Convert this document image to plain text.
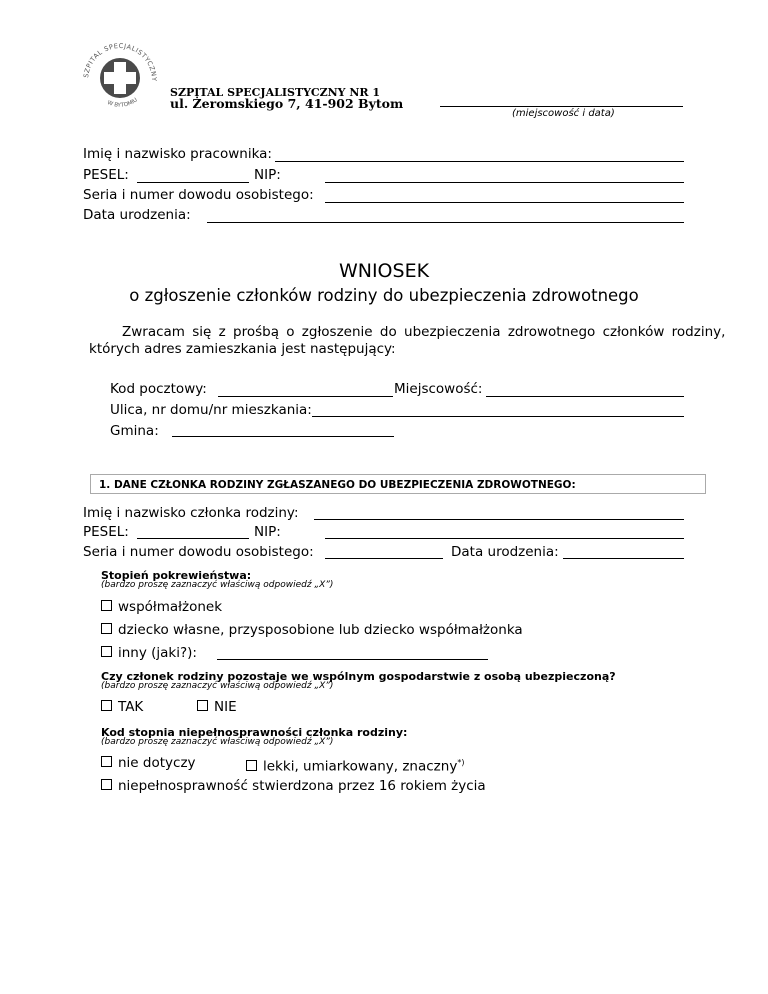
SZPITAL SPECJALISTYCZNY
W BYTOMIU
SZPITAL SPECJALISTYCZNY NR 1
ul. Żeromskiego 7, 41-902 Bytom
(miejscowość i data)
Imię i nazwisko pracownika:
PESEL:	NIP:
Seria i numer dowodu osobistego:
Data urodzenia:
WNIOSEK
o zgłoszenie członków rodziny do ubezpieczenia zdrowotnego
Zwracam się z prośbą o zgłoszenie do ubezpieczenia zdrowotnego członków rodziny,
których adres zamieszkania jest następujący:
Kod pocztowy:	Miejscowość:
Ulica, nr domu/nr mieszkania:
Gmina:
1. DANE CZŁONKA RODZINY ZGŁASZANEGO DO UBEZPIECZENIA ZDROWOTNEGO:
Imię i nazwisko członka rodziny:
PESEL:	NIP:
Seria i numer dowodu osobistego:	Data urodzenia:
Stopień pokrewieństwa:
(bardzo proszę zaznaczyć właściwą odpowiedź „X”)
współmałżonek
dziecko własne, przysposobione lub dziecko współmałżonka
inny (jaki?):
Czy członek rodziny pozostaje we wspólnym gospodarstwie z osobą ubezpieczoną?
(bardzo proszę zaznaczyć właściwą odpowiedź „X”)
TAK	NIE
Kod stopnia niepełnosprawności członka rodziny:
(bardzo proszę zaznaczyć właściwą odpowiedź „X”)
nie dotyczy	lekki, umiarkowany, znaczny*)
niepełnosprawność stwierdzona przez 16 rokiem życia
